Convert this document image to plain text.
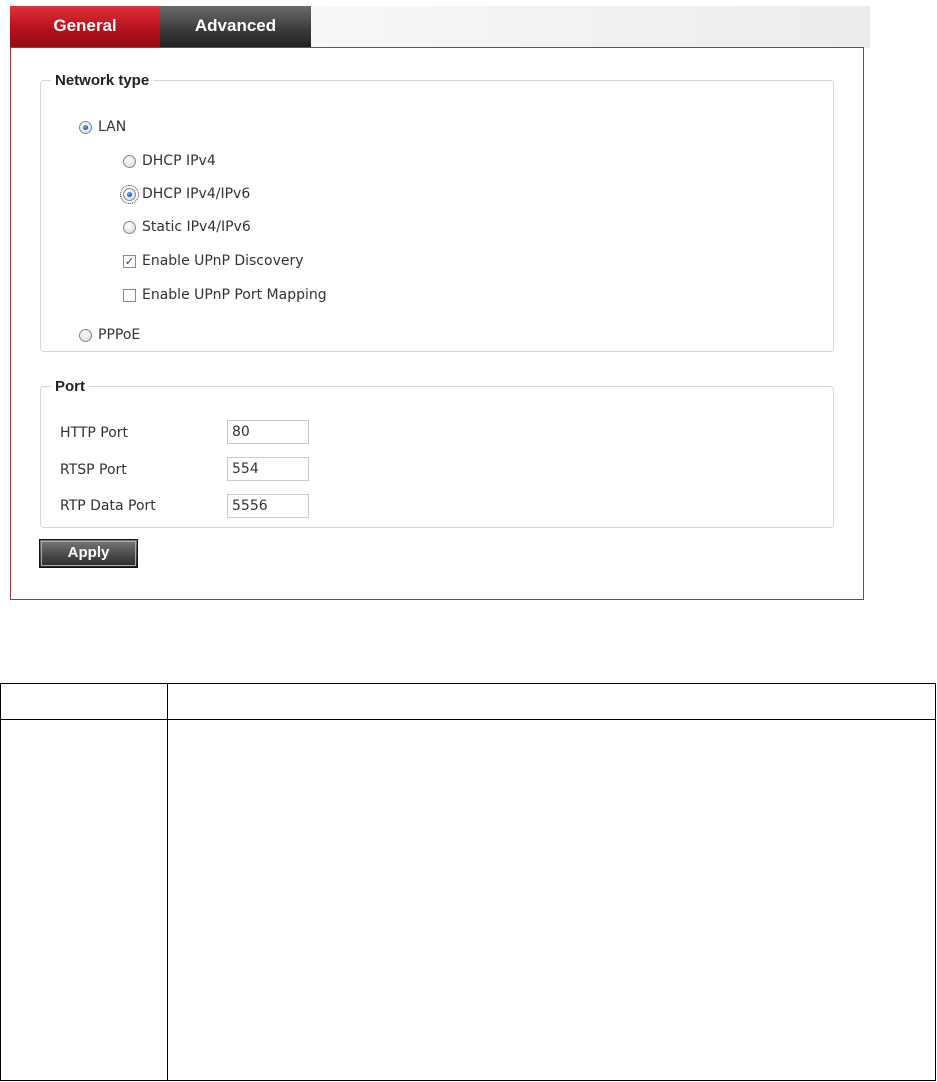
General	Advanced
Network type
LAN
DHCP IPv4
DHCP IPv4/IPv6
Static IPv4/IPv6
✓ Enable UPnP Discovery
Enable UPnP Port Mapping
PPPoE
Port
HTTP Port
80
RTSP Port
554
RTP Data Port
5556
Apply
